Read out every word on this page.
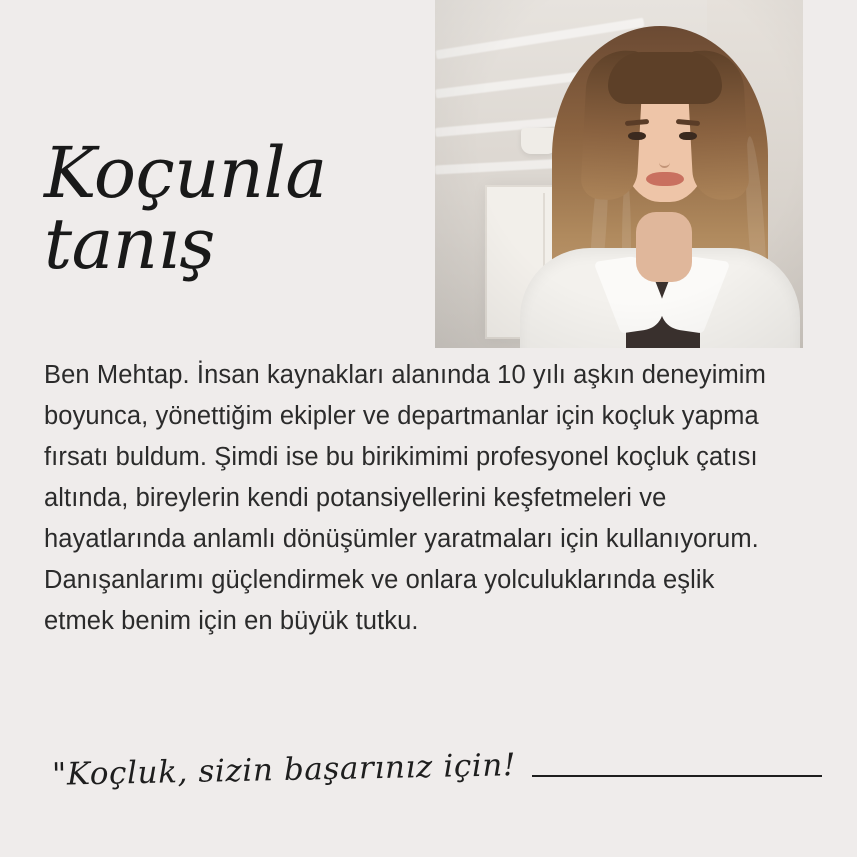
Koçunla
tanış
Ben Mehtap. İnsan kaynakları alanında 10 yılı aşkın deneyimim boyunca, yönettiğim ekipler ve departmanlar için koçluk yapma fırsatı buldum. Şimdi ise bu birikimimi profesyonel koçluk çatısı altında, bireylerin kendi potansiyellerini keşfetmeleri ve hayatlarında anlamlı dönüşümler yaratmaları için kullanıyorum. Danışanlarımı güçlendirmek ve onlara yolculuklarında eşlik etmek benim için en büyük tutku.
"Koçluk, sizin başarınız için!
